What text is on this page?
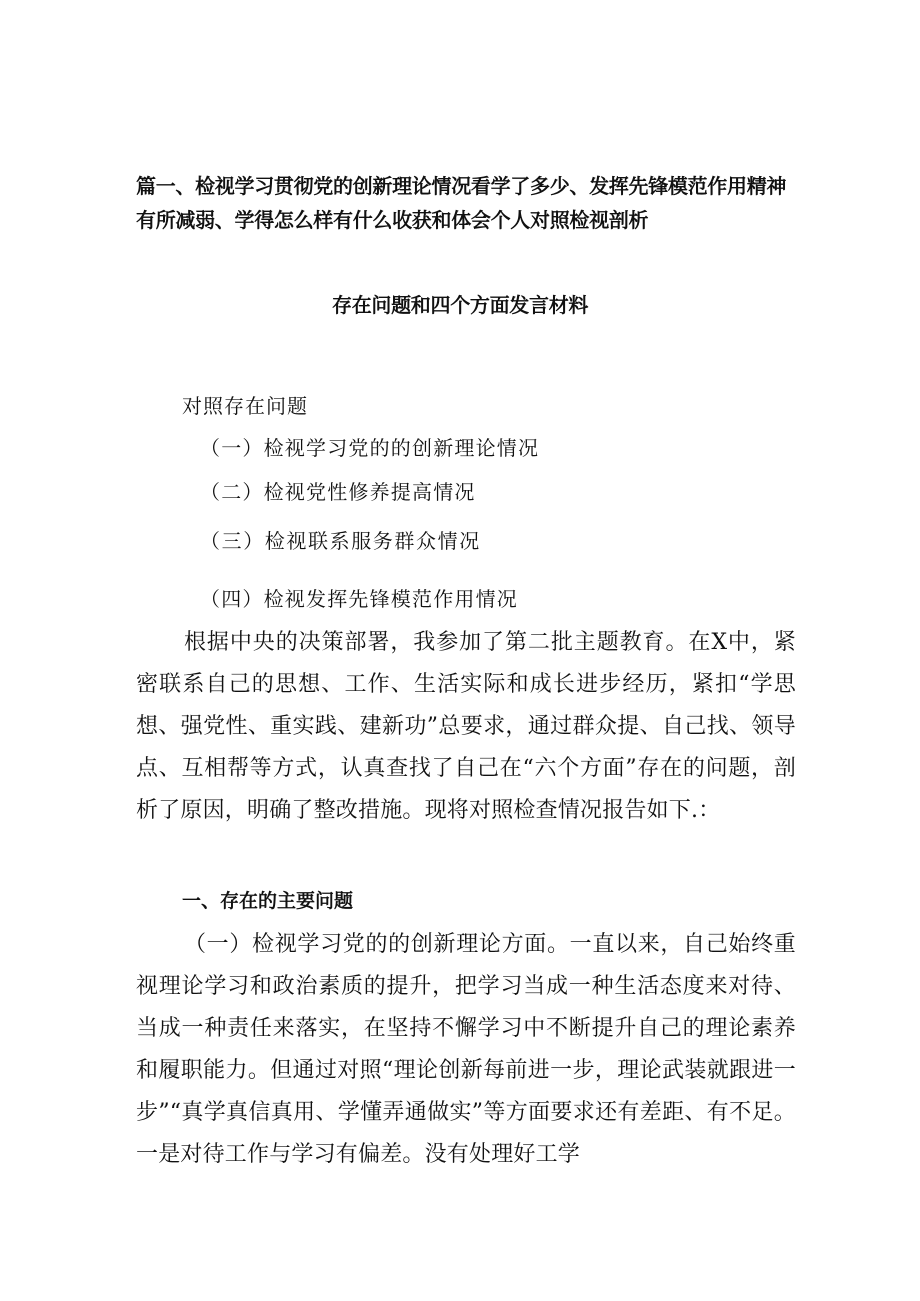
篇一、检视学习贯彻党的创新理论情况看学了多少、发挥先锋模范作用精神
有所减弱、学得怎么样有什么收获和体会个人对照检视剖析
存在问题和四个方面发言材料
对照存在问题
（一）检视学习党的的创新理论情况
（二）检视党性修养提高情况
（三）检视联系服务群众情况
（四）检视发挥先锋模范作用情况
根据中央的决策部署，我参加了第二批主题教育。在X中，紧密联系自己的思想、工作、生活实际和成长进步经历，紧扣“学思想、强党性、重实践、建新功”总要求，通过群众提、自己找、领导点、互相帮等方式，认真查找了自己在“六个方面”存在的问题，剖析了原因，明确了整改措施。现将对照检查情况报告如下.：
一、存在的主要问题
（一）检视学习党的的创新理论方面。一直以来，自己始终重视理论学习和政治素质的提升，把学习当成一种生活态度来对待、当成一种责任来落实，在坚持不懈学习中不断提升自己的理论素养和履职能力。但通过对照“理论创新每前进一步，理论武装就跟进一步”“真学真信真用、学懂弄通做实”等方面要求还有差距、有不足。一是对待工作与学习有偏差。没有处理好工学
